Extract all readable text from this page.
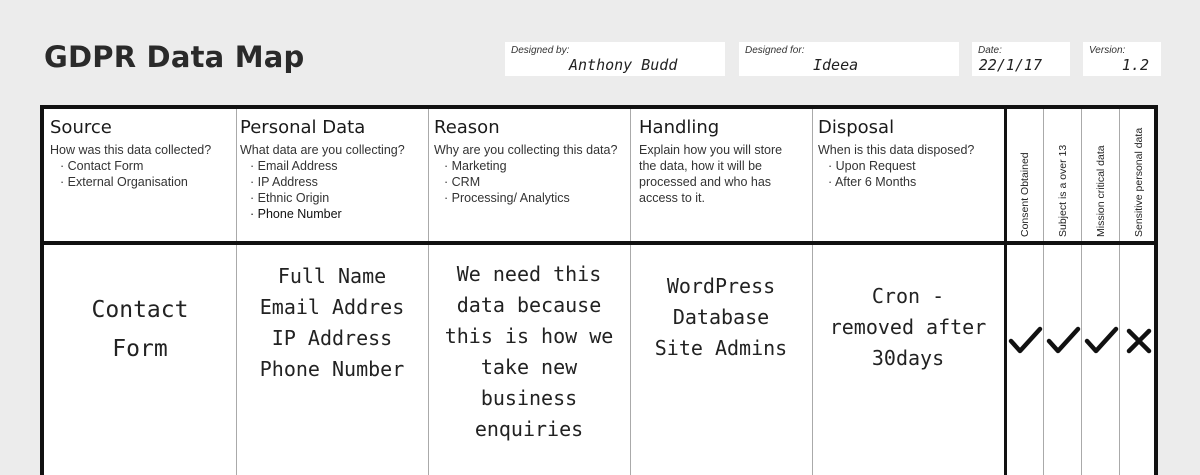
GDPR Data Map	Designed by:
Anthony Budd
Designed for:
Ideea
Date:
22/1/17
Version:
1.2
Source
How was this data collected?
· Contact Form
· External Organisation
Personal Data
What data are you collecting?
· Email Address
· IP Address
· Ethnic Origin
· Phone Number
Reason
Why are you collecting this data?
· Marketing
· CRM
· Processing/ Analytics
Handling
Explain how you will store
the data, how it will be
processed and who has
access to it.
Disposal
When is this data disposed?
· Upon Request
· After 6 Months	Consent Obtained Subject is a over 13 Mission critical data Sensitive personal data
Contact
Form
Full Name
Email Addres
IP Address
Phone Number
We need this
data because
this is how we
take new
business
enquiries
WordPress
Database
Site Admins
Cron -
removed after
30days
